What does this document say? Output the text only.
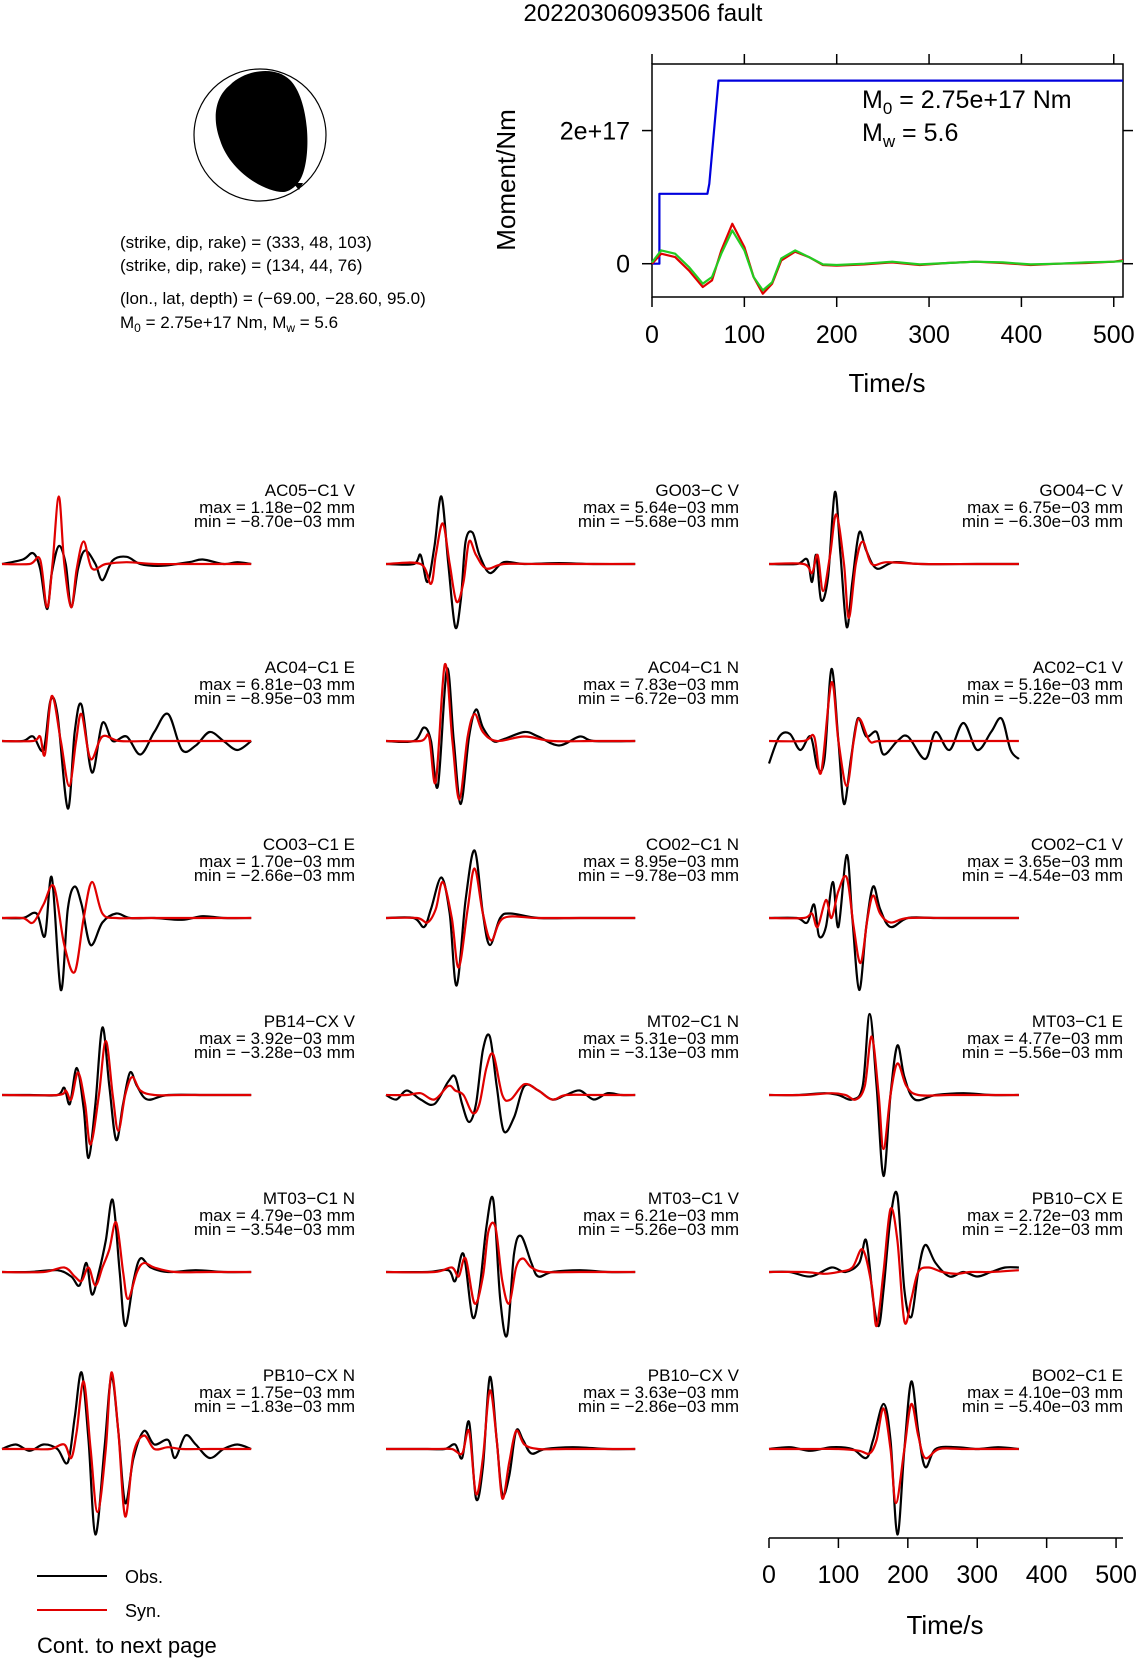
20220306093506 fault
(strike, dip, rake) = (333, 48, 103)
(strike, dip, rake) = (134, 44, 76)
(lon., lat, depth) = (−69.00, −28.60, 95.0)
$M_0 = 2.75e+17$ Nm, $M_w = 5.6$	0	100 200 300 400 500
0
2e+17
Moment/Nm
Time/s
$M_0 = 2.75e+17$ Nm
$M_w = 5.6$
AC05−C1 V
max = 1.18e−02 mm
min = −8.70e−03 mm
GO03−C V
max = 5.64e−03 mm
min = −5.68e−03 mm
GO04−C V
max = 6.75e−03 mm
min = −6.30e−03 mm
AC04−C1 E
max = 6.81e−03 mm
min = −8.95e−03 mm
AC04−C1 N
max = 7.83e−03 mm
min = −6.72e−03 mm
AC02−C1 V
max = 5.16e−03 mm
min = −5.22e−03 mm
CO03−C1 E
max = 1.70e−03 mm
min = −2.66e−03 mm
CO02−C1 N
max = 8.95e−03 mm
min = −9.78e−03 mm
CO02−C1 V
max = 3.65e−03 mm
min = −4.54e−03 mm
PB14−CX V
max = 3.92e−03 mm
min = −3.28e−03 mm
MT02−C1 N
max = 5.31e−03 mm
min = −3.13e−03 mm
MT03−C1 E
max = 4.77e−03 mm
min = −5.56e−03 mm
MT03−C1 N
max = 4.79e−03 mm
min = −3.54e−03 mm
MT03−C1 V
max = 6.21e−03 mm
min = −5.26e−03 mm
PB10−CX E
max = 2.72e−03 mm
min = −2.12e−03 mm
PB10−CX N
max = 1.75e−03 mm
min = −1.83e−03 mm
PB10−CX V
max = 3.63e−03 mm
min = −2.86e−03 mm
BO02−C1 E
max = 4.10e−03 mm
min = −5.40e−03 mm
0 100 200 300 400 500
Time/s
Obs.
Syn.
Cont. to next page
